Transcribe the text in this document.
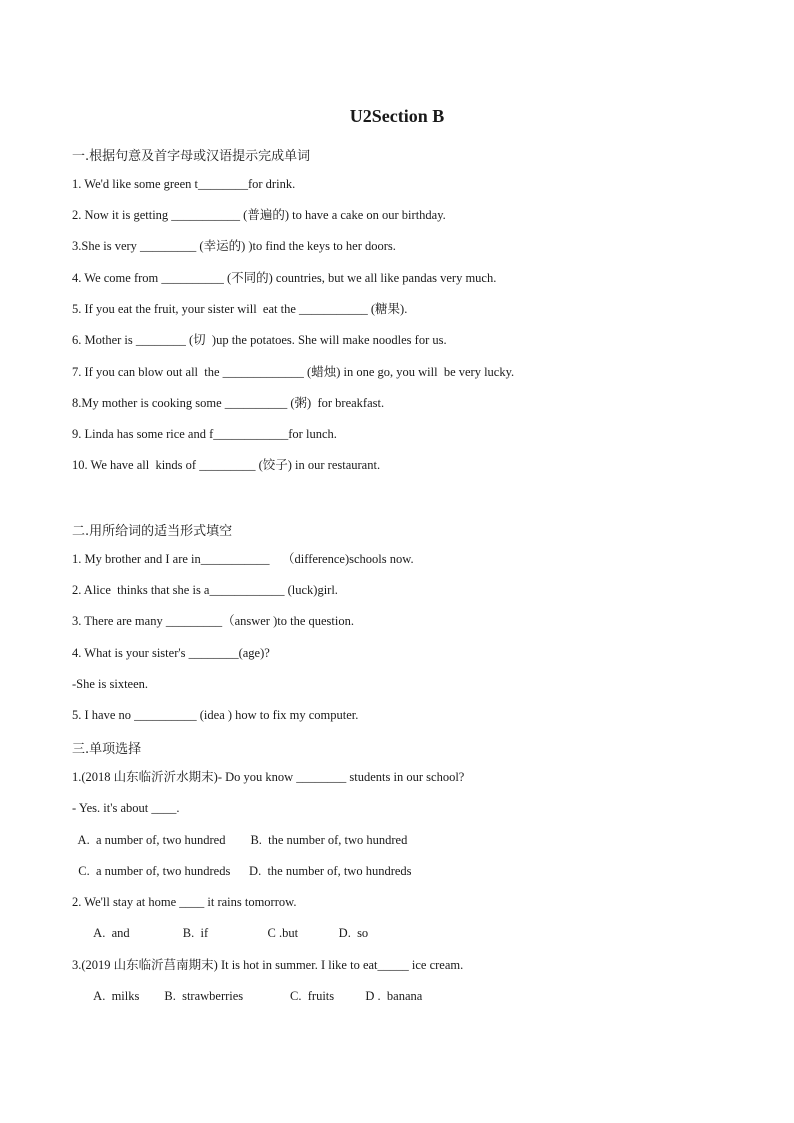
U2Section B

一.根据句意及首字母或汉语提示完成单词

1. We'd like some green t________for drink.

2. Now it is getting ___________ (普遍的) to have a cake on our birthday.

3.She is very _________ (幸运的) )to find the keys to her doors.

4. We come from __________ (不同的) countries, but we all like pandas very much.

5. If you eat the fruit, your sister will  eat the ___________ (糖果).

6. Mother is ________ (切  )up the potatoes. She will make noodles for us.

7. If you can blow out all  the _____________ (蜡烛) in one go, you will  be very lucky.

8.My mother is cooking some __________ (粥)  for breakfast.

9. Linda has some rice and f____________for lunch.

10. We have all  kinds of _________ (饺子) in our restaurant.

二.用所给词的适当形式填空

1. My brother and I are in___________    （difference)schools now.

2. Alice  thinks that she is a____________ (luck)girl.

3. There are many _________（answer )to the question.

4. What is your sister's ________(age)?

-She is sixteen.

5. I have no __________ (idea ) how to fix my computer.

三.单项选择

1.(2018 山东临沂沂水期末)- Do you know ________ students in our school?

- Yes. it's about ____.

A.  a number of, two hundred        B.  the number of, two hundred

C.  a number of, two hundreds      D.  the number of, two hundreds

2. We'll stay at home ____ it rains tomorrow.

A.  and                 B.  if                   C .but             D.  so

3.(2019 山东临沂莒南期末) It is hot in summer. I like to eat_____ ice cream.

A.  milks        B.  strawberries               C.  fruits          D .  banana
